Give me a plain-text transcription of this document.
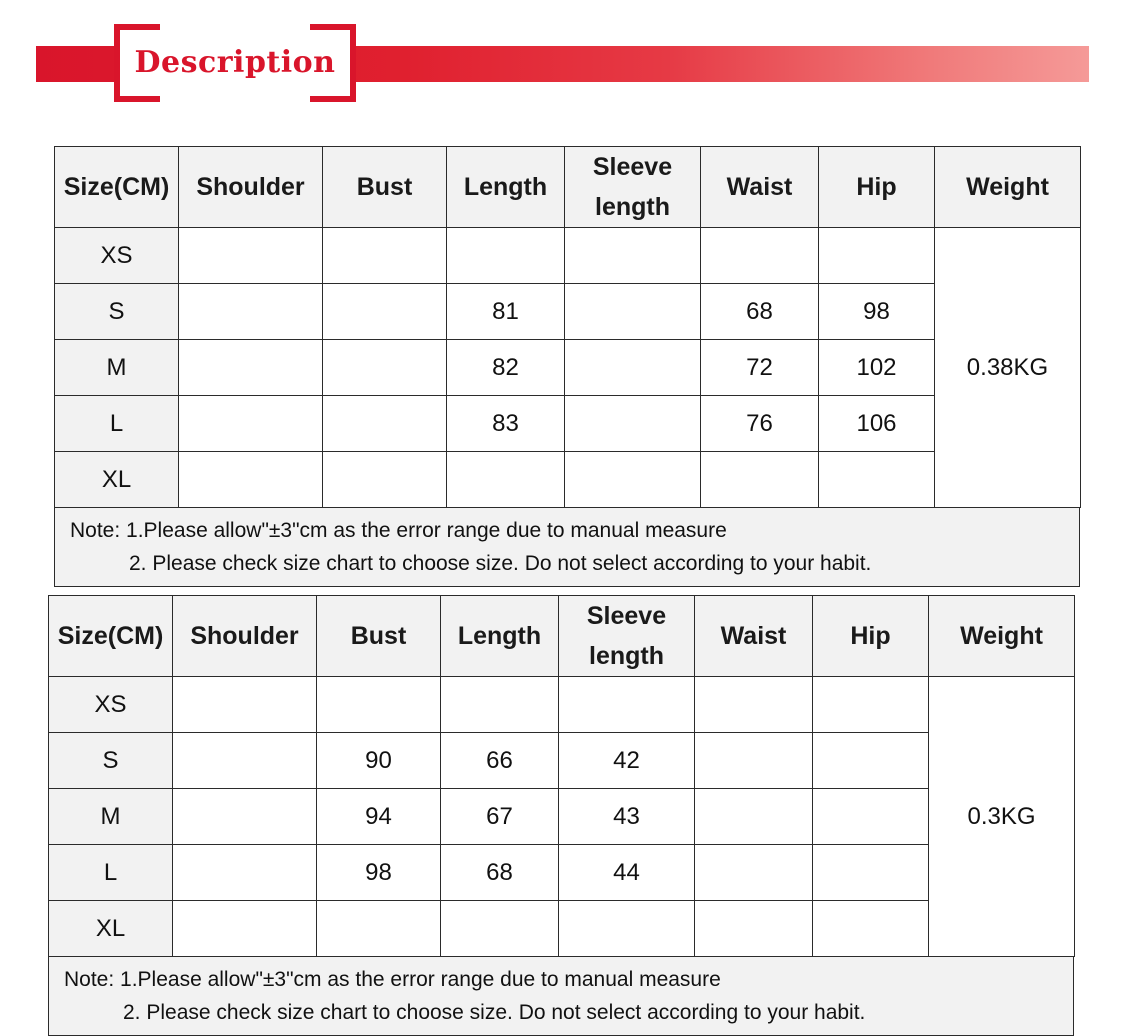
Description
Size(CM)	Shoulder	Bust	Length	Sleeve length	Waist	Hip	Weight
XS							0.38KG
S			81		68	98	
M			82		72	102	
L			83		76	106	
XL							
Note: 1.Please allow"±3"cm as the error range due to manual measure
2. Please check size chart to choose size. Do not select according to your habit.
Size(CM)	Shoulder	Bust	Length	Sleeve length	Waist	Hip	Weight
XS							0.3KG
S		90	66	42			
M		94	67	43			
L		98	68	44			
XL							
Note: 1.Please allow"±3"cm as the error range due to manual measure
2. Please check size chart to choose size. Do not select according to your habit.
